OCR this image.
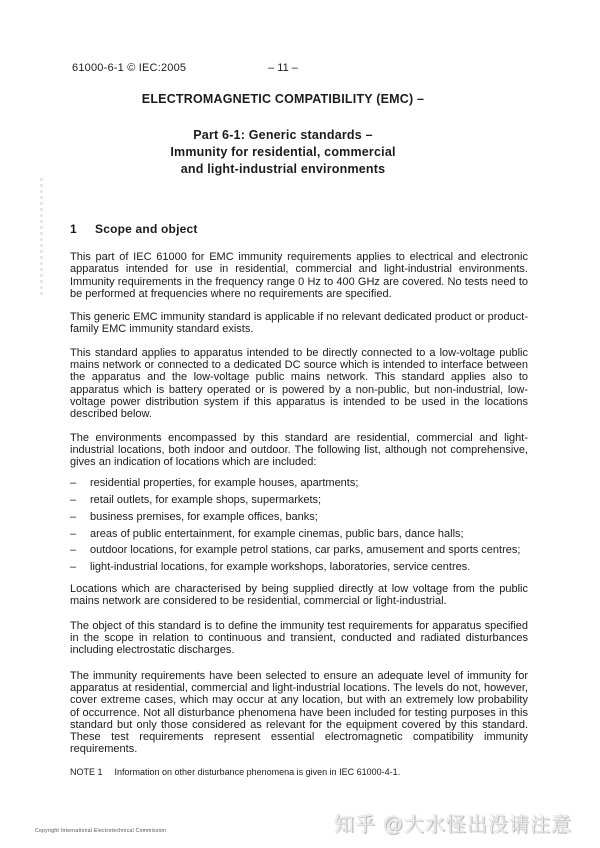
61000-6-1 © IEC:2005	– 11 –
ELECTROMAGNETIC COMPATIBILITY (EMC) –
Part 6-1: Generic standards –
Immunity for residential, commercial
and light-industrial environments
1 Scope and object

This part of IEC 61000 for EMC immunity requirements applies to electrical and electronic apparatus intended for use in residential, commercial and light-industrial environments. Immunity requirements in the frequency range 0 Hz to 400 GHz are covered. No tests need to be performed at frequencies where no requirements are specified.

This generic EMC immunity standard is applicable if no relevant dedicated product or product-family EMC immunity standard exists.

This standard applies to apparatus intended to be directly connected to a low-voltage public mains network or connected to a dedicated DC source which is intended to interface between the apparatus and the low-voltage public mains network. This standard applies also to apparatus which is battery operated or is powered by a non-public, but non-industrial, low-voltage power distribution system if this apparatus is intended to be used in the locations described below.

The environments encompassed by this standard are residential, commercial and light-industrial locations, both indoor and outdoor. The following list, although not comprehensive, gives an indication of locations which are included:

–	residential properties, for example houses, apartments;
–	retail outlets, for example shops, supermarkets;
–	business premises, for example offices, banks;
–	areas of public entertainment, for example cinemas, public bars, dance halls;
–	outdoor locations, for example petrol stations, car parks, amusement and sports centres;
–	light-industrial locations, for example workshops, laboratories, service centres.

Locations which are characterised by being supplied directly at low voltage from the public mains network are considered to be residential, commercial or light-industrial.

The object of this standard is to define the immunity test requirements for apparatus specified in the scope in relation to continuous and transient, conducted and radiated disturbances including electrostatic discharges.

The immunity requirements have been selected to ensure an adequate level of immunity for apparatus at residential, commercial and light-industrial locations. The levels do not, however, cover extreme cases, which may occur at any location, but with an extremely low probability of occurrence. Not all disturbance phenomena have been included for testing purposes in this standard but only those considered as relevant for the equipment covered by this standard. These test requirements represent essential electromagnetic compatibility immunity requirements.

NOTE 1 Information on other disturbance phenomena is given in IEC 61000-4-1.

Copyright International Electrotechnical Commission	知乎 @大水怪出没请注意
